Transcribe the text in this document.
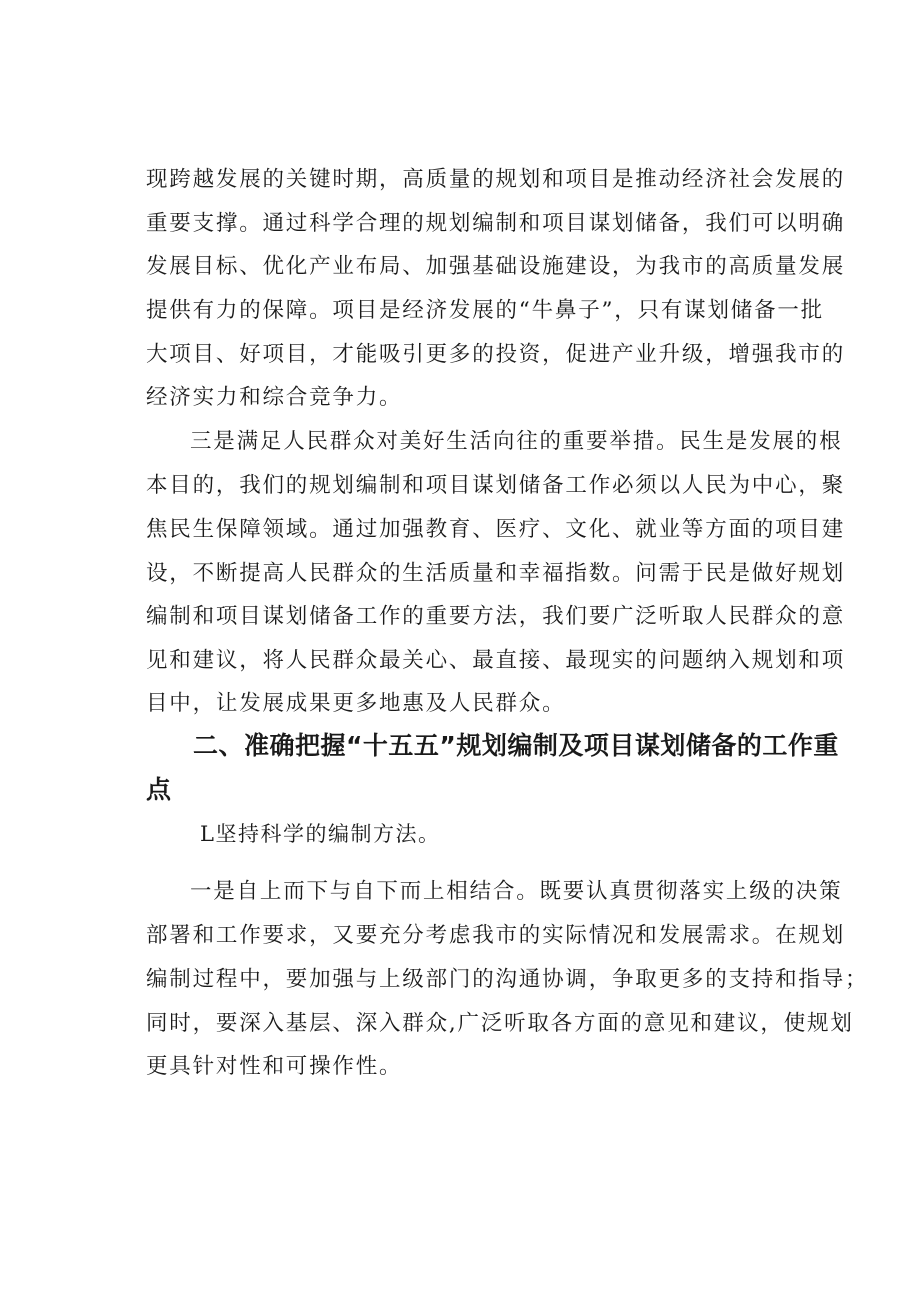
现跨越发展的关键时期，高质量的规划和项目是推动经济社会发展的
重要支撑。通过科学合理的规划编制和项目谋划储备，我们可以明确
发展目标、优化产业布局、加强基础设施建设，为我市的高质量发展
提供有力的保障。项目是经济发展的“牛鼻子”，只有谋划储备一批
大项目、好项目，才能吸引更多的投资，促进产业升级，增强我市的
经济实力和综合竞争力。
三是满足人民群众对美好生活向往的重要举措。民生是发展的根
本目的，我们的规划编制和项目谋划储备工作必须以人民为中心，聚
焦民生保障领域。通过加强教育、医疗、文化、就业等方面的项目建
设，不断提高人民群众的生活质量和幸福指数。问需于民是做好规划
编制和项目谋划储备工作的重要方法，我们要广泛听取人民群众的意
见和建议，将人民群众最关心、最直接、最现实的问题纳入规划和项
目中，让发展成果更多地惠及人民群众。
二、准确把握“十五五”规划编制及项目谋划储备的工作重
点
L坚持科学的编制方法。
一是自上而下与自下而上相结合。既要认真贯彻落实上级的决策
部署和工作要求，又要充分考虑我市的实际情况和发展需求。在规划
编制过程中，要加强与上级部门的沟通协调，争取更多的支持和指导；
同时，要深入基层、深入群众,广泛听取各方面的意见和建议，使规划
更具针对性和可操作性。
